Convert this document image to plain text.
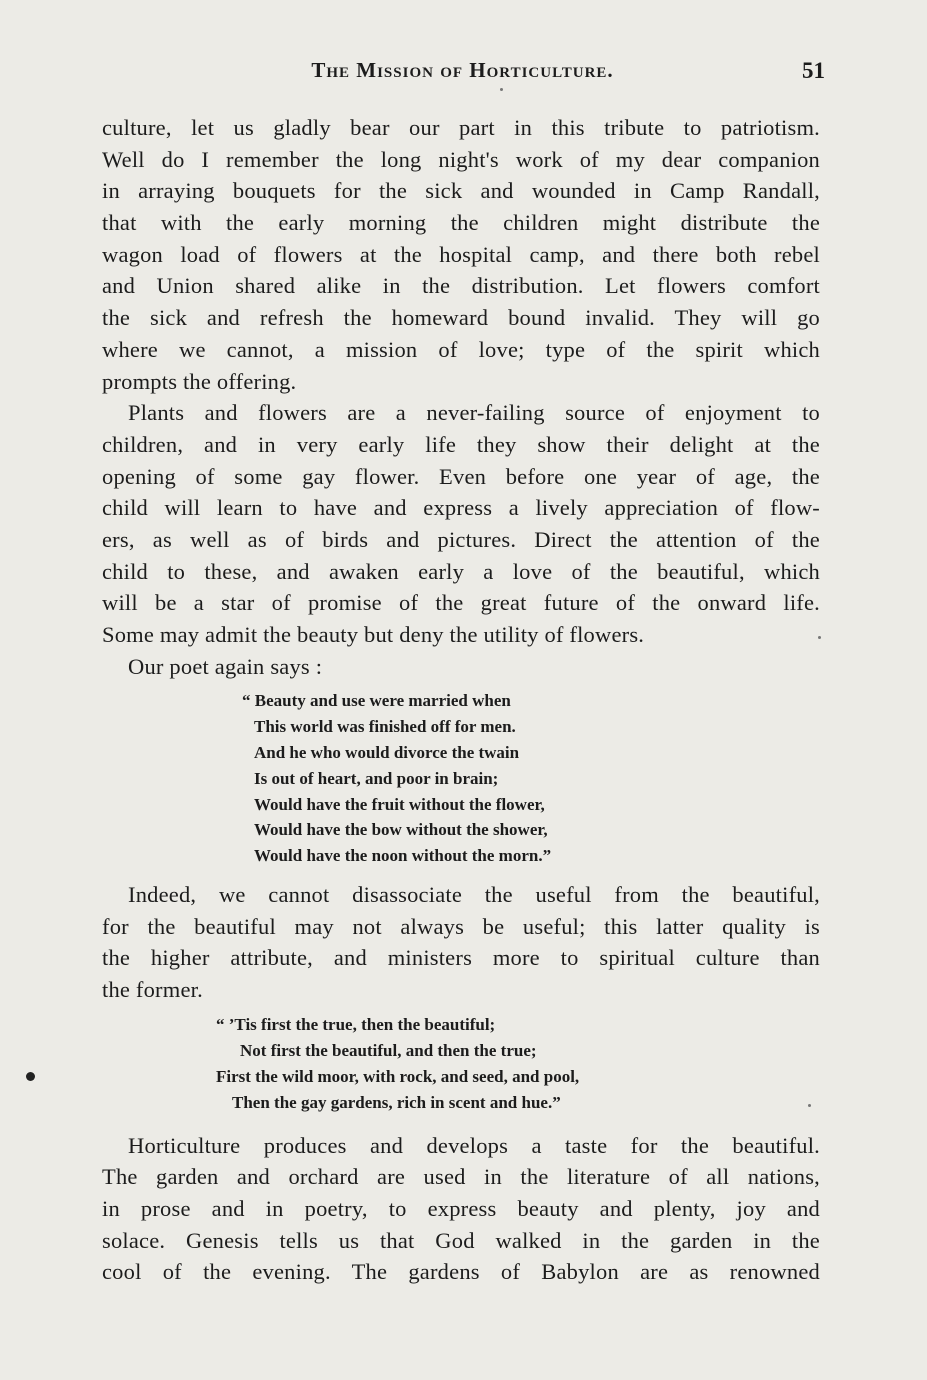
The Mission of Horticulture.	51
culture, let us gladly bear our part in this tribute to patriotism.
Well do I remember the long night's work of my dear companion
in arraying bouquets for the sick and wounded in Camp Randall,
that with the early morning the children might distribute the
wagon load of flowers at the hospital camp, and there both rebel
and Union shared alike in the distribution. Let flowers comfort
the sick and refresh the homeward bound invalid. They will go
where we cannot, a mission of love; type of the spirit which
prompts the offering.
Plants and flowers are a never-failing source of enjoyment to
children, and in very early life they show their delight at the
opening of some gay flower. Even before one year of age, the
child will learn to have and express a lively appreciation of flow-
ers, as well as of birds and pictures. Direct the attention of the
child to these, and awaken early a love of the beautiful, which
will be a star of promise of the great future of the onward life.
Some may admit the beauty but deny the utility of flowers.
Our poet again says :
“ Beauty and use were married when
This world was finished off for men.
And he who would divorce the twain
Is out of heart, and poor in brain;
Would have the fruit without the flower,
Would have the bow without the shower,
Would have the noon without the morn.”
Indeed, we cannot disassociate the useful from the beautiful,
for the beautiful may not always be useful; this latter quality is
the higher attribute, and ministers more to spiritual culture than
the former.
“ ’Tis first the true, then the beautiful;
Not first the beautiful, and then the true;
First the wild moor, with rock, and seed, and pool,
Then the gay gardens, rich in scent and hue.”
Horticulture produces and develops a taste for the beautiful.
The garden and orchard are used in the literature of all nations,
in prose and in poetry, to express beauty and plenty, joy and
solace. Genesis tells us that God walked in the garden in the
cool of the evening. The gardens of Babylon are as renowned
